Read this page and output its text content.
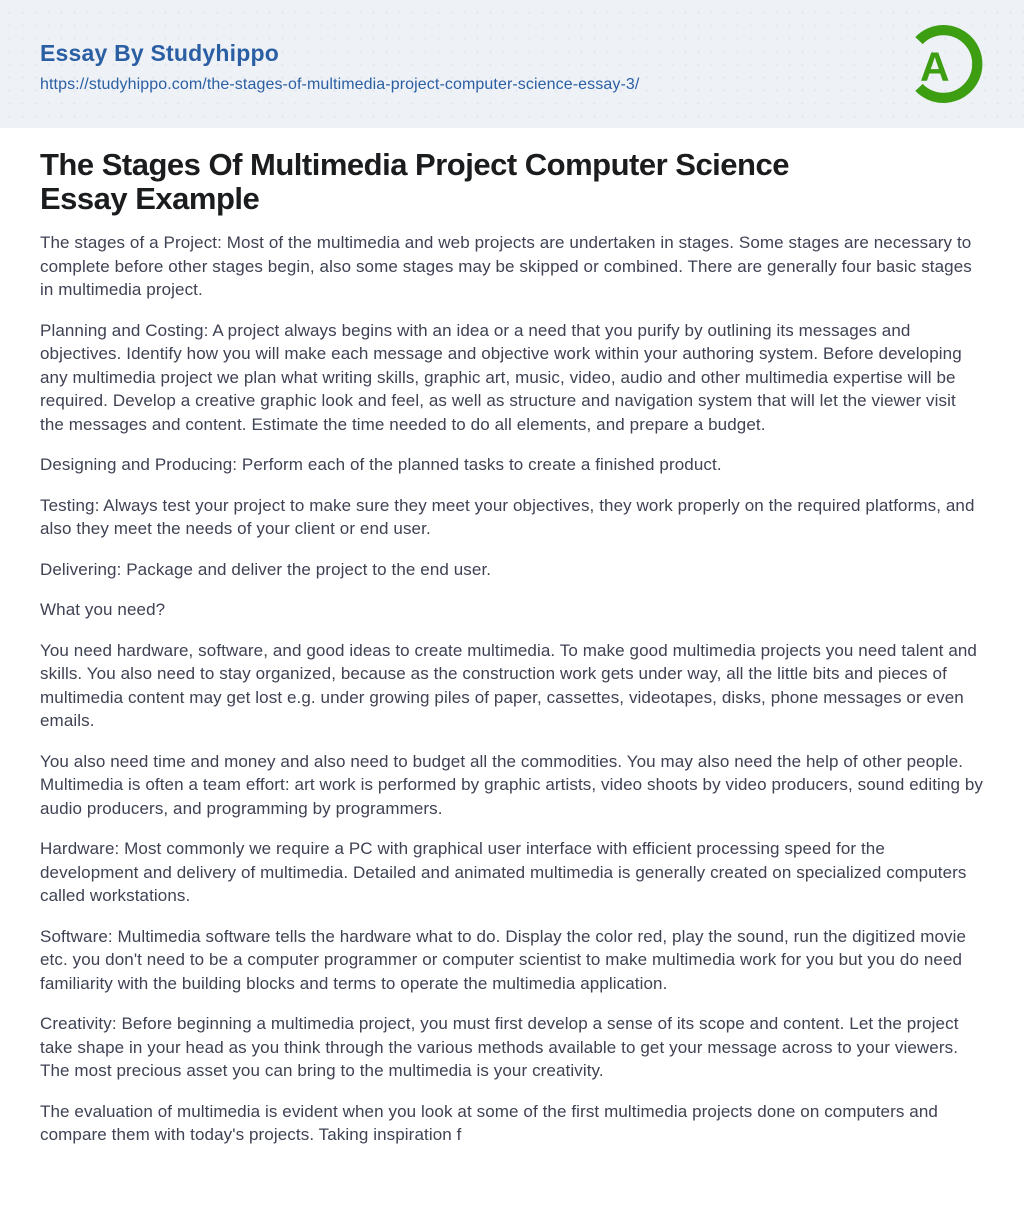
Essay By Studyhippo
https://studyhippo.com/the-stages-of-multimedia-project-computer-science-essay-3/	A
The Stages Of Multimedia Project Computer Science Essay Example

The stages of a Project: Most of the multimedia and web projects are undertaken in stages. Some stages are necessary to complete before other stages begin, also some stages may be skipped or combined. There are generally four basic stages in multimedia project.

Planning and Costing: A project always begins with an idea or a need that you purify by outlining its messages and objectives. Identify how you will make each message and objective work within your authoring system. Before developing any multimedia project we plan what writing skills, graphic art, music, video, audio and other multimedia expertise will be required. Develop a creative graphic look and feel, as well as structure and navigation system that will let the viewer visit the messages and content. Estimate the time needed to do all elements, and prepare a budget.

Designing and Producing: Perform each of the planned tasks to create a finished product.

Testing: Always test your project to make sure they meet your objectives, they work properly on the required platforms, and also they meet the needs of your client or end user.

Delivering: Package and deliver the project to the end user.

What you need?

You need hardware, software, and good ideas to create multimedia. To make good multimedia projects you need talent and skills. You also need to stay organized, because as the construction work gets under way, all the little bits and pieces of multimedia content may get lost e.g. under growing piles of paper, cassettes, videotapes, disks, phone messages or even emails.

You also need time and money and also need to budget all the commodities. You may also need the help of other people. Multimedia is often a team effort: art work is performed by graphic artists, video shoots by video producers, sound editing by audio producers, and programming by programmers.

Hardware: Most commonly we require a PC with graphical user interface with efficient processing speed for the development and delivery of multimedia. Detailed and animated multimedia is generally created on specialized computers called workstations.

Software: Multimedia software tells the hardware what to do. Display the color red, play the sound, run the digitized movie etc. you don't need to be a computer programmer or computer scientist to make multimedia work for you but you do need familiarity with the building blocks and terms to operate the multimedia application.

Creativity: Before beginning a multimedia project, you must first develop a sense of its scope and content. Let the project take shape in your head as you think through the various methods available to get your message across to your viewers. The most precious asset you can bring to the multimedia is your creativity.

The evaluation of multimedia is evident when you look at some of the first multimedia projects done on computers and compare them with today's projects. Taking inspiration f
